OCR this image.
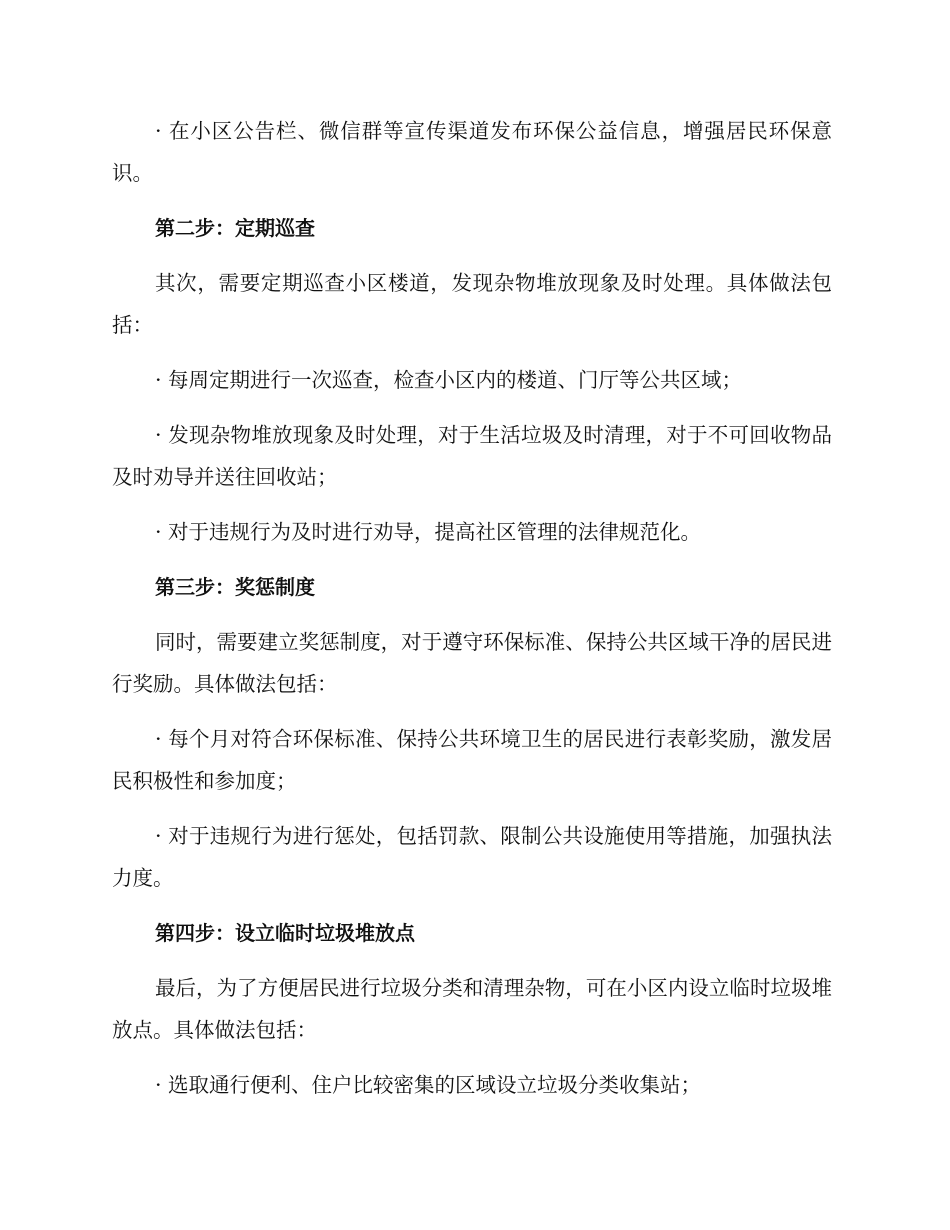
· 在小区公告栏、微信群等宣传渠道发布环保公益信息，增强居民环保意识。

第二步：定期巡查

其次，需要定期巡查小区楼道，发现杂物堆放现象及时处理。具体做法包括：

· 每周定期进行一次巡查，检查小区内的楼道、门厅等公共区域；

· 发现杂物堆放现象及时处理，对于生活垃圾及时清理，对于不可回收物品及时劝导并送往回收站；

· 对于违规行为及时进行劝导，提高社区管理的法律规范化。

第三步：奖惩制度

同时，需要建立奖惩制度，对于遵守环保标准、保持公共区域干净的居民进行奖励。具体做法包括：

· 每个月对符合环保标准、保持公共环境卫生的居民进行表彰奖励，激发居民积极性和参加度；

· 对于违规行为进行惩处，包括罚款、限制公共设施使用等措施，加强执法力度。

第四步：设立临时垃圾堆放点

最后，为了方便居民进行垃圾分类和清理杂物，可在小区内设立临时垃圾堆放点。具体做法包括：

· 选取通行便利、住户比较密集的区域设立垃圾分类收集站；
